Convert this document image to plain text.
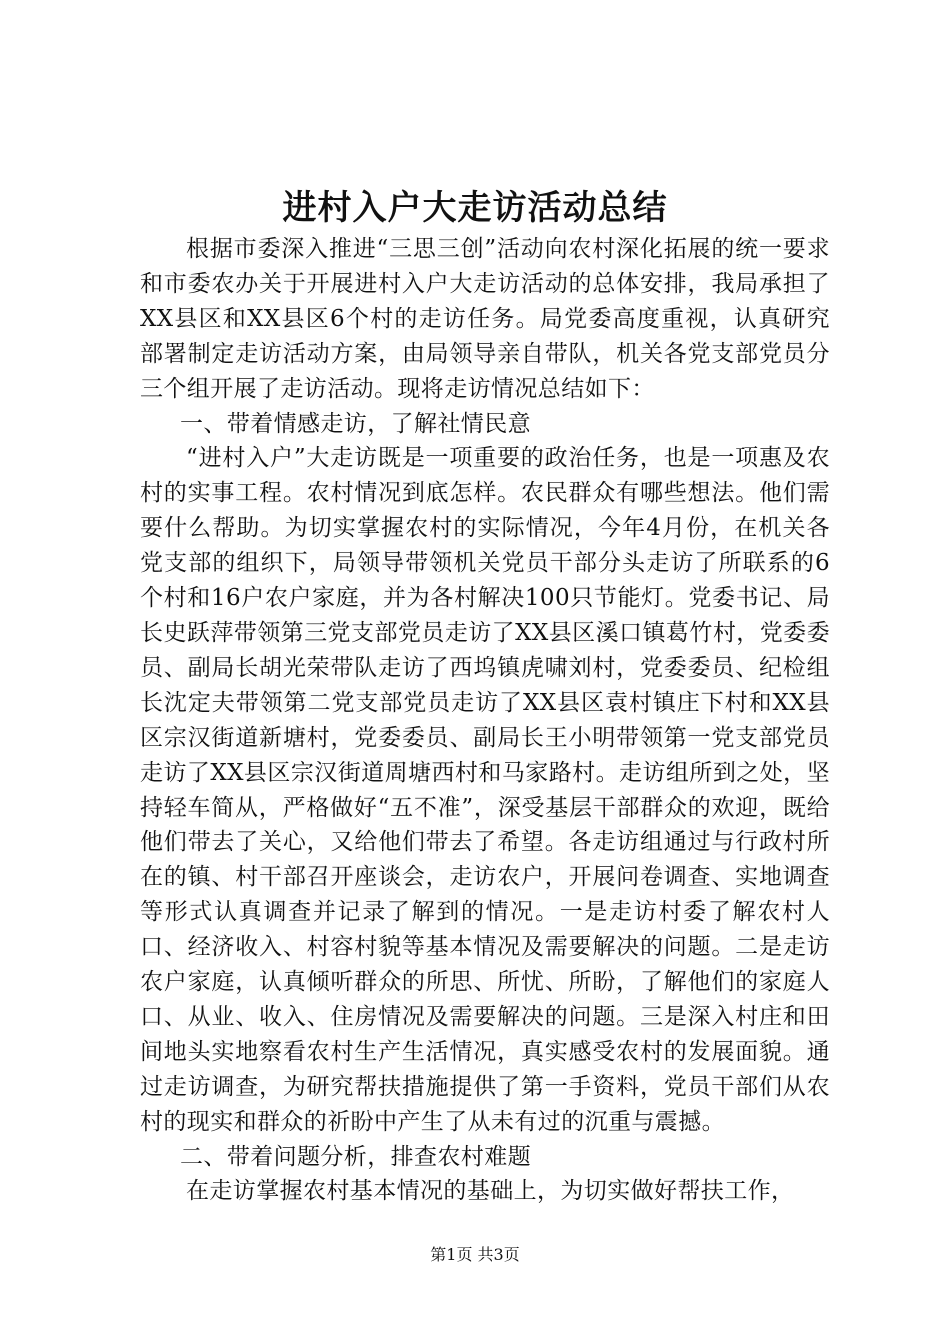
进村入户大走访活动总结

根据市委深入推进“三思三创”活动向农村深化拓展的统一要求和市委农办关于开展进村入户大走访活动的总体安排，我局承担了XX县区和XX县区6个村的走访任务。局党委高度重视，认真研究部署制定走访活动方案，由局领导亲自带队，机关各党支部党员分三个组开展了走访活动。现将走访情况总结如下：

一、带着情感走访，了解社情民意

“进村入户”大走访既是一项重要的政治任务，也是一项惠及农村的实事工程。农村情况到底怎样。农民群众有哪些想法。他们需要什么帮助。为切实掌握农村的实际情况，今年4月份，在机关各党支部的组织下，局领导带领机关党员干部分头走访了所联系的6个村和16户农户家庭，并为各村解决100只节能灯。党委书记、局长史跃萍带领第三党支部党员走访了XX县区溪口镇葛竹村，党委委员、副局长胡光荣带队走访了西坞镇虎啸刘村，党委委员、纪检组长沈定夫带领第二党支部党员走访了XX县区袁村镇庄下村和XX县区宗汉街道新塘村，党委委员、副局长王小明带领第一党支部党员走访了XX县区宗汉街道周塘西村和马家路村。走访组所到之处，坚持轻车简从，严格做好“五不准”，深受基层干部群众的欢迎，既给他们带去了关心，又给他们带去了希望。各走访组通过与行政村所在的镇、村干部召开座谈会，走访农户，开展问卷调查、实地调查等形式认真调查并记录了解到的情况。一是走访村委了解农村人口、经济收入、村容村貌等基本情况及需要解决的问题。二是走访农户家庭，认真倾听群众的所思、所忧、所盼，了解他们的家庭人口、从业、收入、住房情况及需要解决的问题。三是深入村庄和田间地头实地察看农村生产生活情况，真实感受农村的发展面貌。通过走访调查，为研究帮扶措施提供了第一手资料，党员干部们从农村的现实和群众的祈盼中产生了从未有过的沉重与震撼。

二、带着问题分析，排查农村难题

在走访掌握农村基本情况的基础上，为切实做好帮扶工作，

第1页 共3页
